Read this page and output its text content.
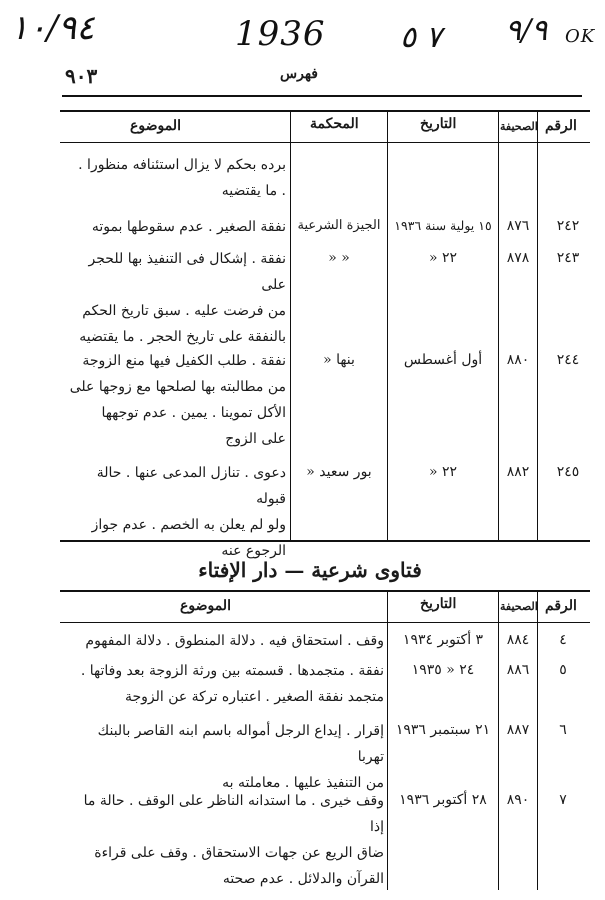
١٠/٩٤	1936 ٧ ٥ ٩/٩ OK
٩٠٣	فهرس
الرقم
الصحيفة
التاريخ
المحكمة
الموضوع
برده بحكم لا يزال استئنافه منظورا .
. ما يقتضيه
٢٤٢
٨٧٦
١٥ يولية سنة ١٩٣٦
الجيزة الشرعية
نفقة الصغير . عدم سقوطها بموته
٢٤٣
٨٧٨
٢٢ «
« «
نفقة . إشكال فى التنفيذ بها للحجر على
من فرضت عليه . سبق تاريخ الحكم
بالنفقة على تاريخ الحجر . ما يقتضيه
٢٤٤
٨٨٠
أول أغسطس
بنها «
نفقة . طلب الكفيل فيها منع الزوجة
من مطالبته بها لصلحها مع زوجها على
الأكل تموينا . يمين . عدم توجهها
على الزوج
٢٤٥
٨٨٢
٢٢ «
بور سعيد «
دعوى . تنازل المدعى عنها . حالة قبوله
ولو لم يعلن به الخصم . عدم جواز
الرجوع عنه
فتاوى شرعية — دار الإفتاء
الرقم
الصحيفة
التاريخ
الموضوع
٤
٨٨٤
٣ أكتوبر ١٩٣٤
وقف . استحقاق فيه . دلالة المنطوق . دلالة المفهوم
٥
٨٨٦
٢٤ « ١٩٣٥
نفقة . متجمدها . قسمته بين ورثة الزوجة بعد وفاتها .
متجمد نفقة الصغير . اعتباره تركة عن الزوجة
٦
٨٨٧
٢١ سبتمبر ١٩٣٦
إقرار . إيداع الرجل أمواله باسم ابنه القاصر بالبنك تهربا
من التنفيذ عليها . معاملته به
٧
٨٩٠
٢٨ أكتوبر ١٩٣٦
وقف خيرى . ما استدانه الناظر على الوقف . حالة ما إذا
ضاق الريع عن جهات الاستحقاق . وقف على قراءة
القرآن والدلائل . عدم صحته
